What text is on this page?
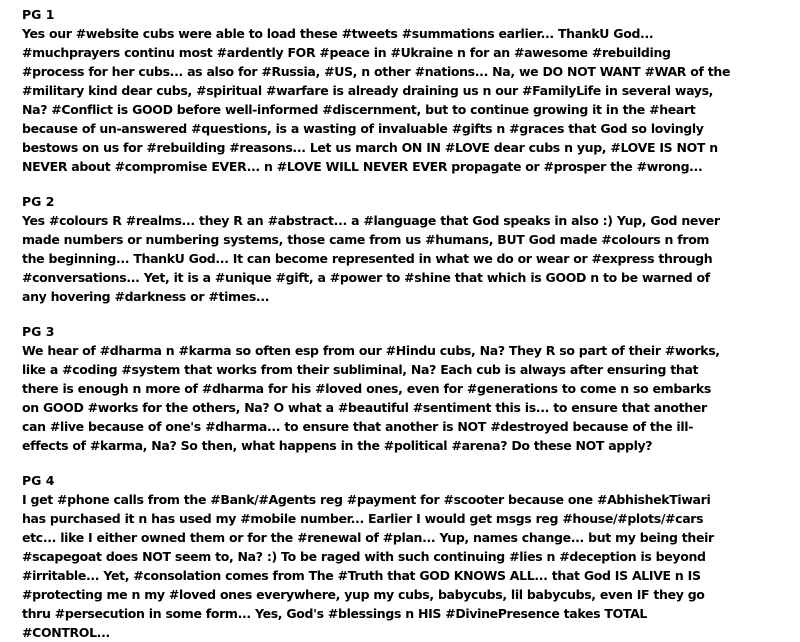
PG 1

Yes our #website cubs were able to load these #tweets #summations earlier... ThankU God...

#muchprayers continu most #ardently FOR #peace in #Ukraine n for an #awesome #rebuilding

#process for her cubs... as also for #Russia, #US, n other #nations... Na, we DO NOT WANT #WAR of the

#military kind dear cubs, #spiritual #warfare is already draining us n our #FamilyLife in several ways,

Na? #Conflict is GOOD before well-informed #discernment, but to continue growing it in the #heart

because of un-answered #questions, is a wasting of invaluable #gifts n #graces that God so lovingly

bestows on us for #rebuilding #reasons... Let us march ON IN #LOVE dear cubs n yup, #LOVE IS NOT n

NEVER about #compromise EVER... n #LOVE WILL NEVER EVER propagate or #prosper the #wrong...

PG 2

Yes #colours R #realms... they R an #abstract... a #language that God speaks in also :) Yup, God never

made numbers or numbering systems, those came from us #humans, BUT God made #colours n from

the beginning... ThankU God... It can become represented in what we do or wear or #express through

#conversations... Yet, it is a #unique #gift, a #power to #shine that which is GOOD n to be warned of

any hovering #darkness or #times...

PG 3

We hear of #dharma n #karma so often esp from our #Hindu cubs, Na? They R so part of their #works,

like a #coding #system that works from their subliminal, Na? Each cub is always after ensuring that

there is enough n more of #dharma for his #loved ones, even for #generations to come n so embarks

on GOOD #works for the others, Na? O what a #beautiful #sentiment this is... to ensure that another

can #live because of one's #dharma... to ensure that another is NOT #destroyed because of the ill-

effects of #karma, Na? So then, what happens in the #political #arena? Do these NOT apply?

PG 4

I get #phone calls from the #Bank/#Agents reg #payment for #scooter because one #AbhishekTiwari

has purchased it n has used my #mobile number... Earlier I would get msgs reg #house/#plots/#cars

etc... like I either owned them or for the #renewal of #plan... Yup, names change... but my being their

#scapegoat does NOT seem to, Na? :) To be raged with such continuing #lies n #deception is beyond

#irritable... Yet, #consolation comes from The #Truth that GOD KNOWS ALL... that God IS ALIVE n IS

#protecting me n my #loved ones everywhere, yup my cubs, babycubs, lil babycubs, even IF they go

thru #persecution in some form... Yes, God's #blessings n HIS #DivinePresence takes TOTAL

#CONTROL...
